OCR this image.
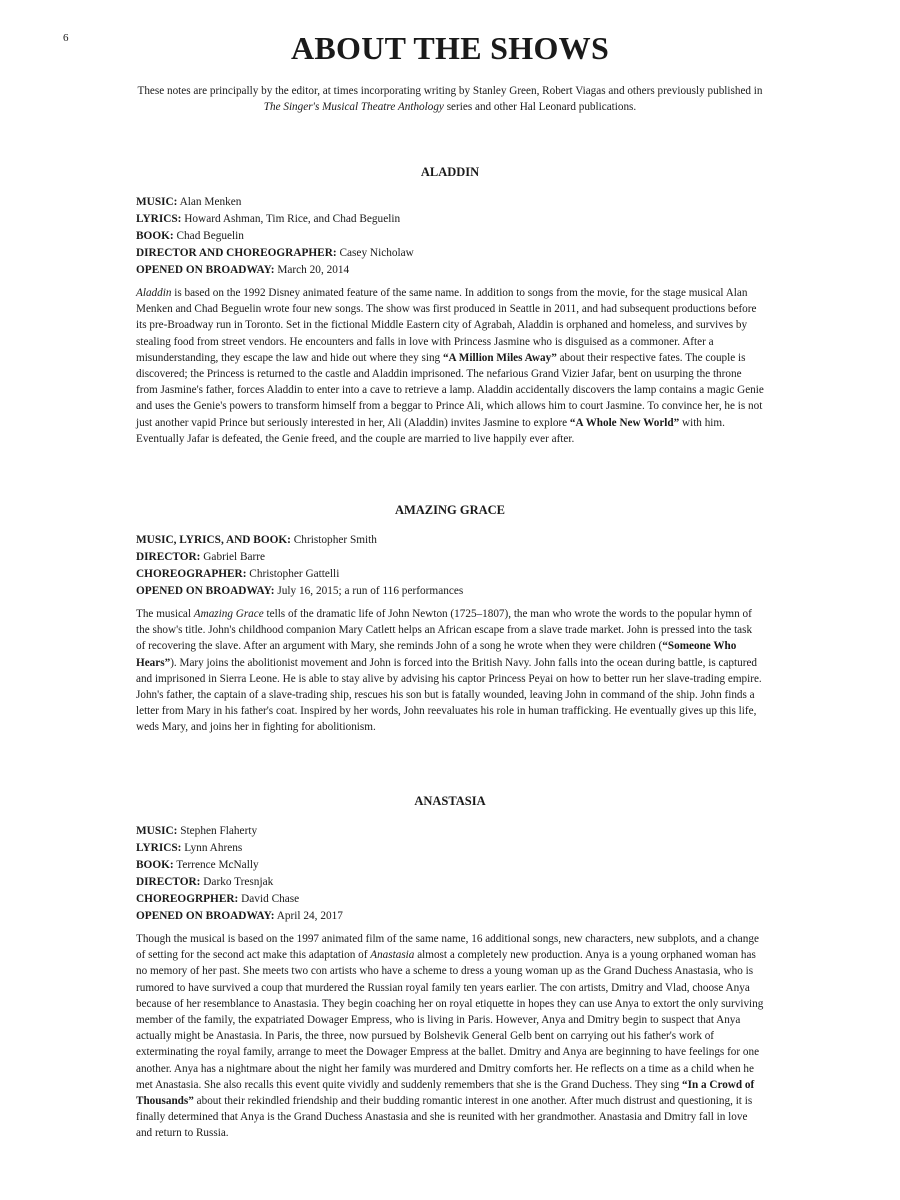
6	ABOUT THE SHOWS

These notes are principally by the editor, at times incorporating writing by Stanley Green, Robert Viagas and others previously published in The Singer's Musical Theatre Anthology series and other Hal Leonard publications.

ALADDIN
MUSIC: Alan Menken
LYRICS: Howard Ashman, Tim Rice, and Chad Beguelin
BOOK: Chad Beguelin
DIRECTOR AND CHOREOGRAPHER: Casey Nicholaw
OPENED ON BROADWAY: March 20, 2014

Aladdin is based on the 1992 Disney animated feature of the same name. In addition to songs from the movie, for the stage musical Alan Menken and Chad Beguelin wrote four new songs. The show was first produced in Seattle in 2011, and had subsequent productions before its pre-Broadway run in Toronto. Set in the fictional Middle Eastern city of Agrabah, Aladdin is orphaned and homeless, and survives by stealing food from street vendors. He encounters and falls in love with Princess Jasmine who is disguised as a commoner. After a misunderstanding, they escape the law and hide out where they sing “A Million Miles Away” about their respective fates. The couple is discovered; the Princess is returned to the castle and Aladdin imprisoned. The nefarious Grand Vizier Jafar, bent on usurping the throne from Jasmine's father, forces Aladdin to enter into a cave to retrieve a lamp. Aladdin accidentally discovers the lamp contains a magic Genie and uses the Genie's powers to transform himself from a beggar to Prince Ali, which allows him to court Jasmine. To convince her, he is not just another vapid Prince but seriously interested in her, Ali (Aladdin) invites Jasmine to explore “A Whole New World” with him. Eventually Jafar is defeated, the Genie freed, and the couple are married to live happily ever after.

AMAZING GRACE
MUSIC, LYRICS, AND BOOK: Christopher Smith
DIRECTOR: Gabriel Barre
CHOREOGRAPHER: Christopher Gattelli
OPENED ON BROADWAY: July 16, 2015; a run of 116 performances

The musical Amazing Grace tells of the dramatic life of John Newton (1725–1807), the man who wrote the words to the popular hymn of the show's title. John's childhood companion Mary Catlett helps an African escape from a slave trade market. John is pressed into the task of recovering the slave. After an argument with Mary, she reminds John of a song he wrote when they were children (“Someone Who Hears”). Mary joins the abolitionist movement and John is forced into the British Navy. John falls into the ocean during battle, is captured and imprisoned in Sierra Leone. He is able to stay alive by advising his captor Princess Peyai on how to better run her slave-trading empire. John's father, the captain of a slave-trading ship, rescues his son but is fatally wounded, leaving John in command of the ship. John finds a letter from Mary in his father's coat. Inspired by her words, John reevaluates his role in human trafficking. He eventually gives up this life, weds Mary, and joins her in fighting for abolitionism.

ANASTASIA
MUSIC: Stephen Flaherty
LYRICS: Lynn Ahrens
BOOK: Terrence McNally
DIRECTOR: Darko Tresnjak
CHOREOGRPHER: David Chase
OPENED ON BROADWAY: April 24, 2017

Though the musical is based on the 1997 animated film of the same name, 16 additional songs, new characters, new subplots, and a change of setting for the second act make this adaptation of Anastasia almost a completely new production. Anya is a young orphaned woman has no memory of her past. She meets two con artists who have a scheme to dress a young woman up as the Grand Duchess Anastasia, who is rumored to have survived a coup that murdered the Russian royal family ten years earlier. The con artists, Dmitry and Vlad, choose Anya because of her resemblance to Anastasia. They begin coaching her on royal etiquette in hopes they can use Anya to extort the only surviving member of the family, the expatriated Dowager Empress, who is living in Paris. However, Anya and Dmitry begin to suspect that Anya actually might be Anastasia. In Paris, the three, now pursued by Bolshevik General Gelb bent on carrying out his father's work of exterminating the royal family, arrange to meet the Dowager Empress at the ballet. Dmitry and Anya are beginning to have feelings for one another. Anya has a nightmare about the night her family was murdered and Dmitry comforts her. He reflects on a time as a child when he met Anastasia. She also recalls this event quite vividly and suddenly remembers that she is the Grand Duchess. They sing “In a Crowd of Thousands” about their rekindled friendship and their budding romantic interest in one another. After much distrust and questioning, it is finally determined that Anya is the Grand Duchess Anastasia and she is reunited with her grandmother. Anastasia and Dmitry fall in love and return to Russia.
